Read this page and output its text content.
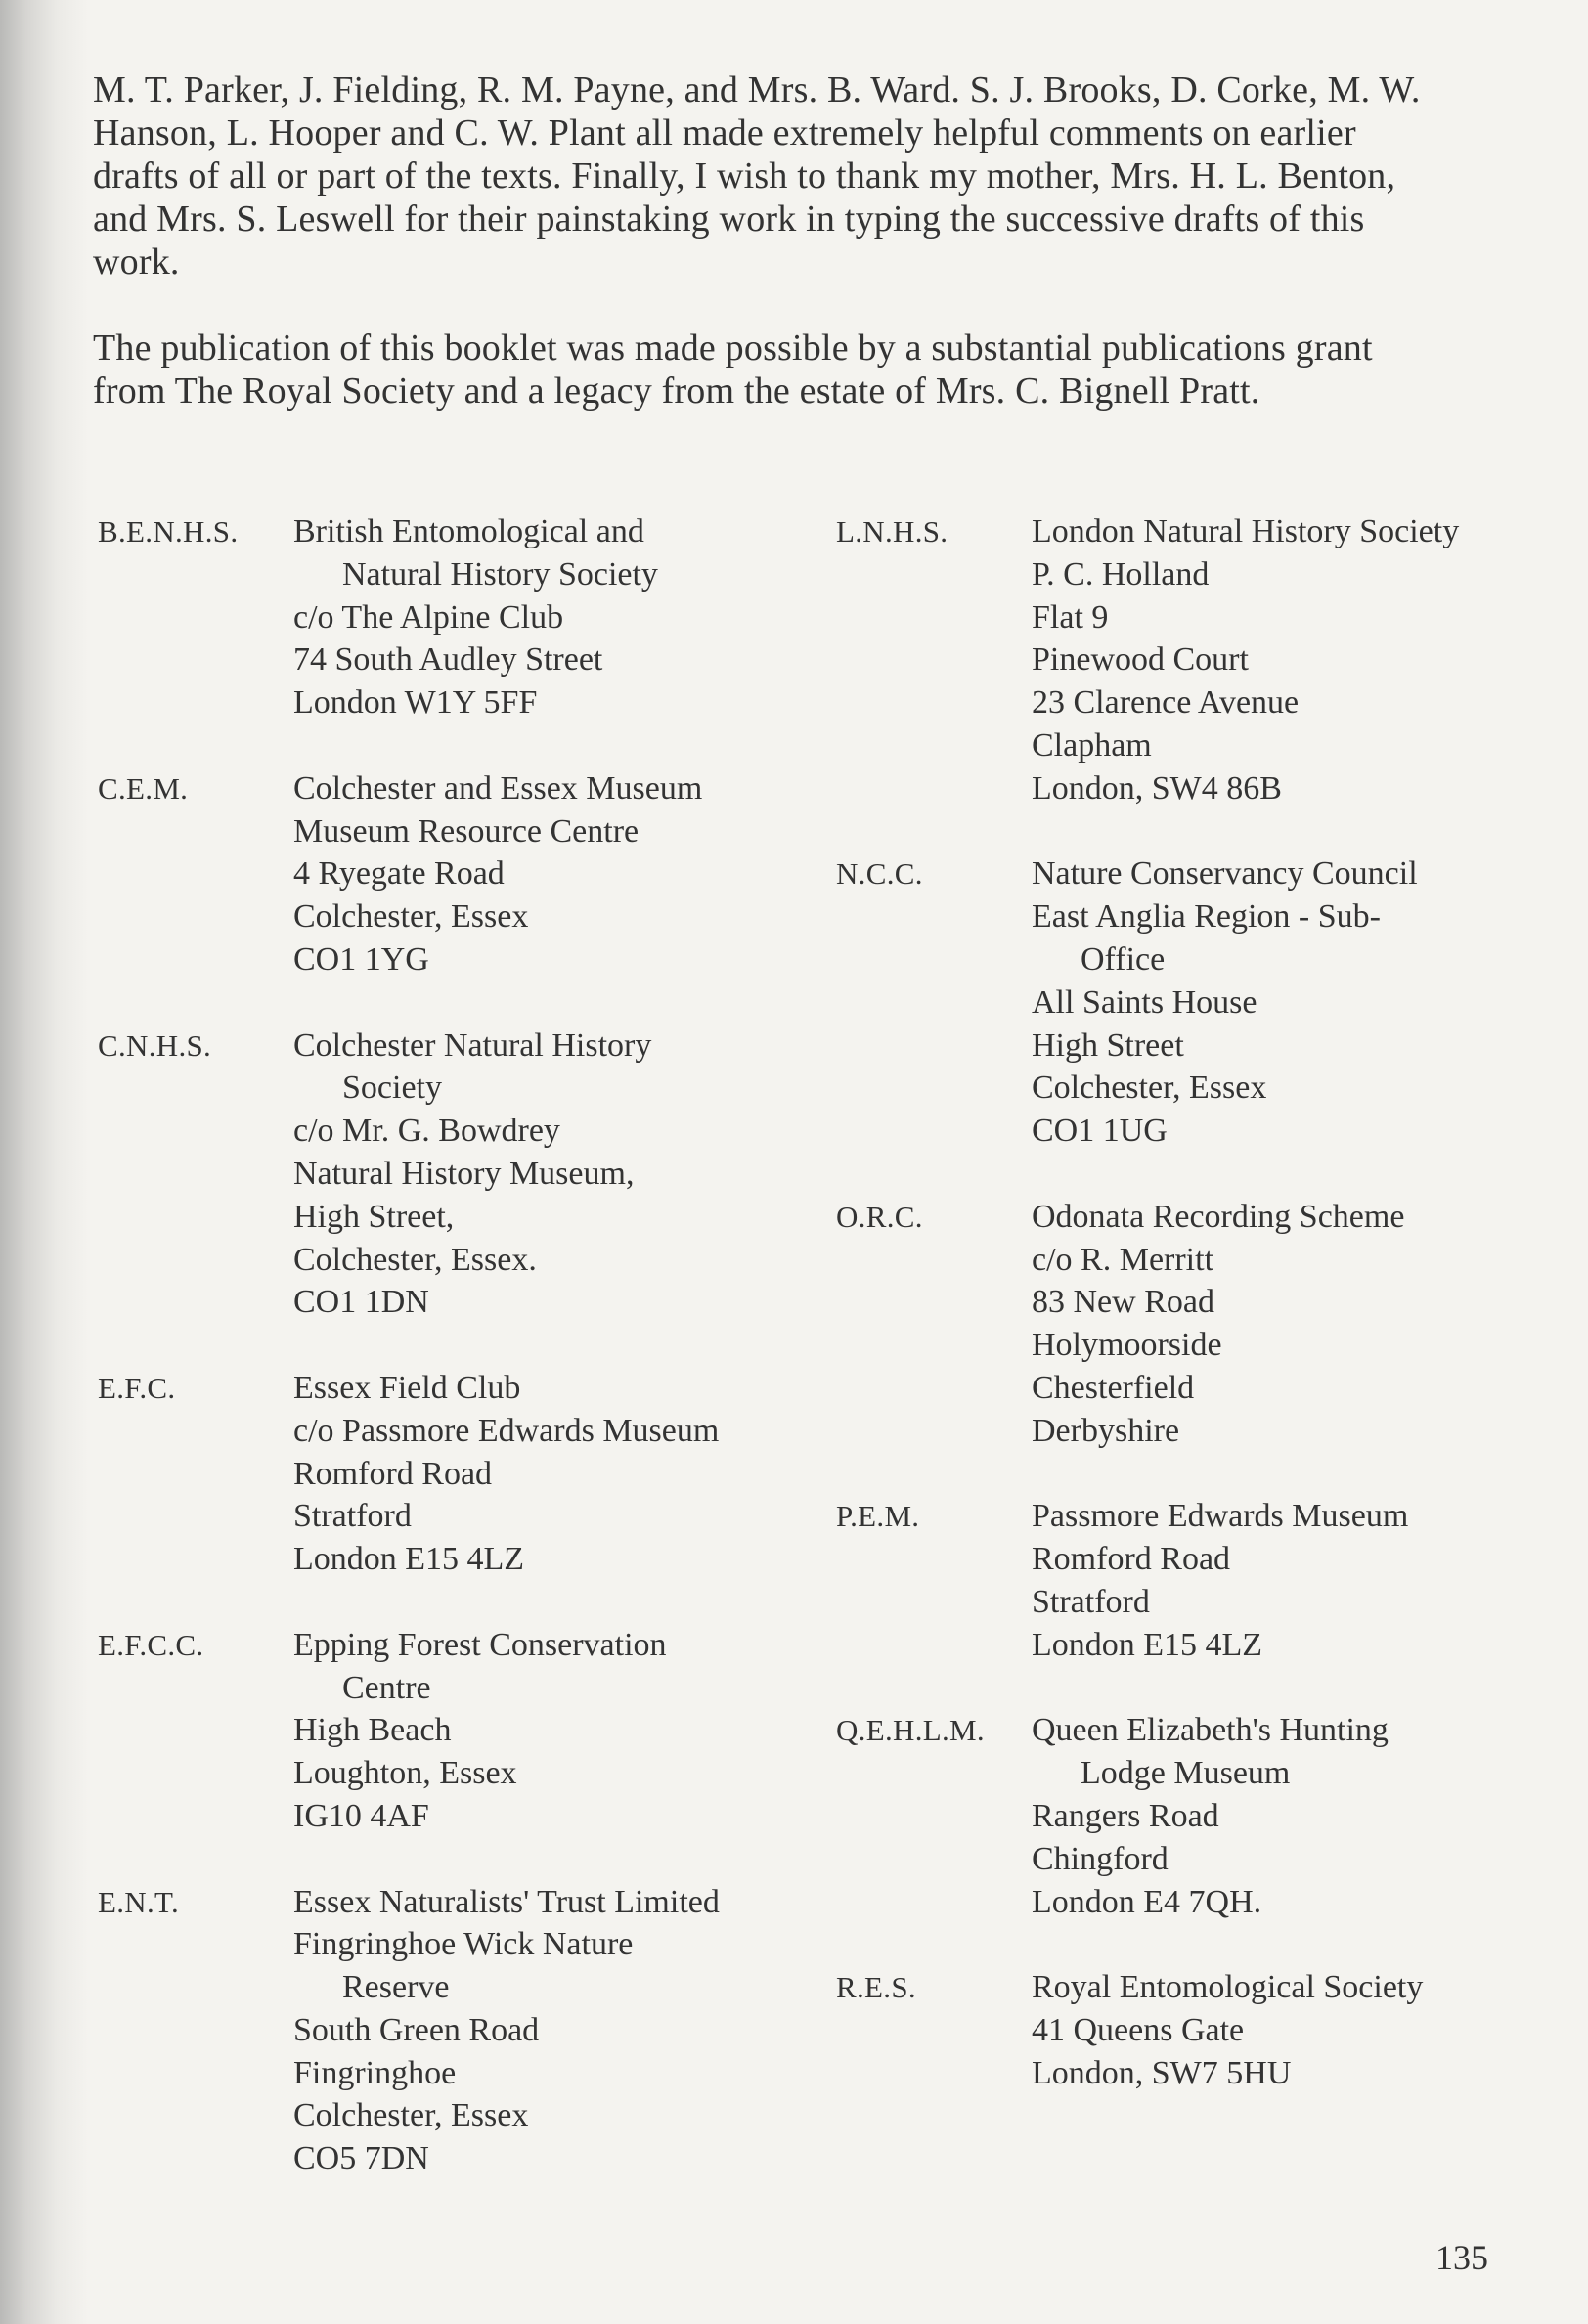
M. T. Parker, J. Fielding, R. M. Payne, and Mrs. B. Ward. S. J. Brooks, D. Corke, M. W.
Hanson, L. Hooper and C. W. Plant all made extremely helpful comments on earlier
drafts of all or part of the texts. Finally, I wish to thank my mother, Mrs. H. L. Benton,
and Mrs. S. Leswell for their painstaking work in typing the successive drafts of this
work.

The publication of this booklet was made possible by a substantial publications grant
from The Royal Society and a legacy from the estate of Mrs. C. Bignell Pratt.

B.E.N.H.S. British Entomological and
Natural History Society
c/o The Alpine Club
74 South Audley Street
London W1Y 5FF
C.E.M.	Colchester and Essex Museum
Museum Resource Centre
4 Ryegate Road
Colchester, Essex
CO1 1YG
C.N.H.S. Colchester Natural History
Society
c/o Mr. G. Bowdrey
Natural History Museum,
High Street,
Colchester, Essex.
CO1 1DN
E.F.C.	Essex Field Club
c/o Passmore Edwards Museum
Romford Road
Stratford
London E15 4LZ
E.F.C.C.	Epping Forest Conservation
Centre
High Beach
Loughton, Essex
IG10 4AF
E.N.T.	Essex Naturalists' Trust Limited
Fingringhoe Wick Nature
Reserve
South Green Road
Fingringhoe
Colchester, Essex
CO5 7DN
L.N.H.S.	London Natural History Society
P. C. Holland
Flat 9
Pinewood Court
23 Clarence Avenue
Clapham
London, SW4 86B
N.C.C.	Nature Conservancy Council
East Anglia Region - Sub-
Office
All Saints House
High Street
Colchester, Essex
CO1 1UG
O.R.C.	Odonata Recording Scheme
c/o R. Merritt
83 New Road
Holymoorside
Chesterfield
Derbyshire
P.E.M.	Passmore Edwards Museum
Romford Road
Stratford
London E15 4LZ
Q.E.H.L.M. Queen Elizabeth's Hunting
Lodge Museum
Rangers Road
Chingford
London E4 7QH.
R.E.S.	Royal Entomological Society
41 Queens Gate
London, SW7 5HU
135
